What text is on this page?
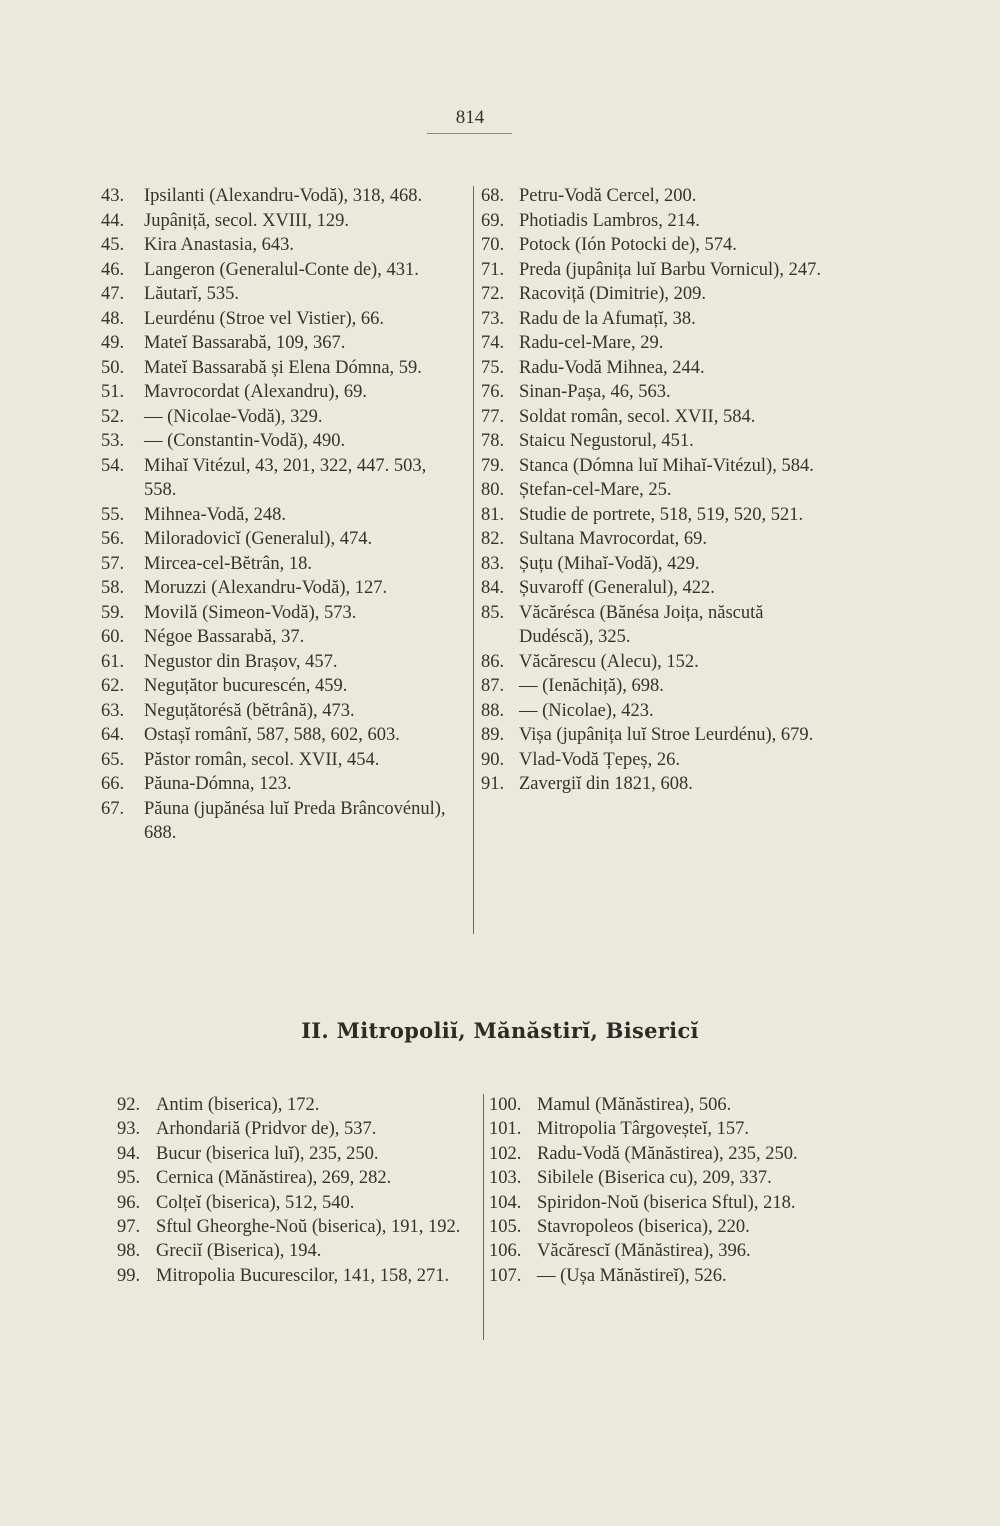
814
43. Ipsilanti (Alexandru-Vodă), 318, 468.
44. Jupâniță, secol. XVIII, 129.
45. Kira Anastasia, 643.
46. Langeron (Generalul-Conte de), 431.
47. Lăutarĭ, 535.
48. Leurdénu (Stroe vel Vistier), 66.
49. Mateĭ Bassarabă, 109, 367.
50. Mateĭ Bassarabă și Elena Dómna, 59.
51. Mavrocordat (Alexandru), 69.
52. — (Nicolae-Vodă), 329.
53. — (Constantin-Vodă), 490.
54. Mihaĭ Vitézul, 43, 201, 322, 447. 503, 558.
55. Mihnea-Vodă, 248.
56. Miloradovicĭ (Generalul), 474.
57. Mircea-cel-Bĕtrân, 18.
58. Moruzzi (Alexandru-Vodă), 127.
59. Movilă (Simeon-Vodă), 573.
60. Négoe Bassarabă, 37.
61. Negustor din Brașov, 457.
62. Neguțător bucurescén, 459.
63. Neguțătorésă (bĕtrână), 473.
64. Ostașĭ românĭ, 587, 588, 602, 603.
65. Păstor român, secol. XVII, 454.
66. Păuna-Dómna, 123.
67. Păuna (jupănésa luĭ Preda Brâncovénul), 688.
68. Petru-Vodă Cercel, 200.
69. Photiadis Lambros, 214.
70. Potock (Ión Potocki de), 574.
71. Preda (jupânița luĭ Barbu Vornicul), 247.
72. Racoviță (Dimitrie), 209.
73. Radu de la Afumațĭ, 38.
74. Radu-cel-Mare, 29.
75. Radu-Vodă Mihnea, 244.
76. Sinan-Pașa, 46, 563.
77. Soldat român, secol. XVII, 584.
78. Staicu Negustorul, 451.
79. Stanca (Dómna luĭ Mihaĭ-Vitézul), 584.
80. Ștefan-cel-Mare, 25.
81. Studie de portrete, 518, 519, 520, 521.
82. Sultana Mavrocordat, 69.
83. Șuțu (Mihaĭ-Vodă), 429.
84. Șuvaroff (Generalul), 422.
85. Văcărésca (Bănésa Joița, născută Dudéscă), 325.
86. Văcărescu (Alecu), 152.
87. — (Ienăchiță), 698.
88. — (Nicolae), 423.
89. Vișa (jupânița luĭ Stroe Leurdénu), 679.
90. Vlad-Vodă Țepeș, 26.
91. Zavergiĭ din 1821, 608.
II. Mitropoliĭ, Mănăstirĭ, Bisericĭ
92. Antim (biserica), 172.
93. Arhondariă (Pridvor de), 537.
94. Bucur (biserica luĭ), 235, 250.
95. Cernica (Mănăstirea), 269, 282.
96. Colțeĭ (biserica), 512, 540.
97. Sftul Gheorghe-Noŭ (biserica), 191, 192.
98. Greciĭ (Biserica), 194.
99. Mitropolia Bucurescilor, 141, 158, 271.
100. Mamul (Mănăstirea), 506.
101. Mitropolia Târgoveșteĭ, 157.
102. Radu-Vodă (Mănăstirea), 235, 250.
103. Sibilele (Biserica cu), 209, 337.
104. Spiridon-Noŭ (biserica Sftul), 218.
105. Stavropoleos (biserica), 220.
106. Văcărescĭ (Mănăstirea), 396.
107. — (Ușa Mănăstireĭ), 526.
